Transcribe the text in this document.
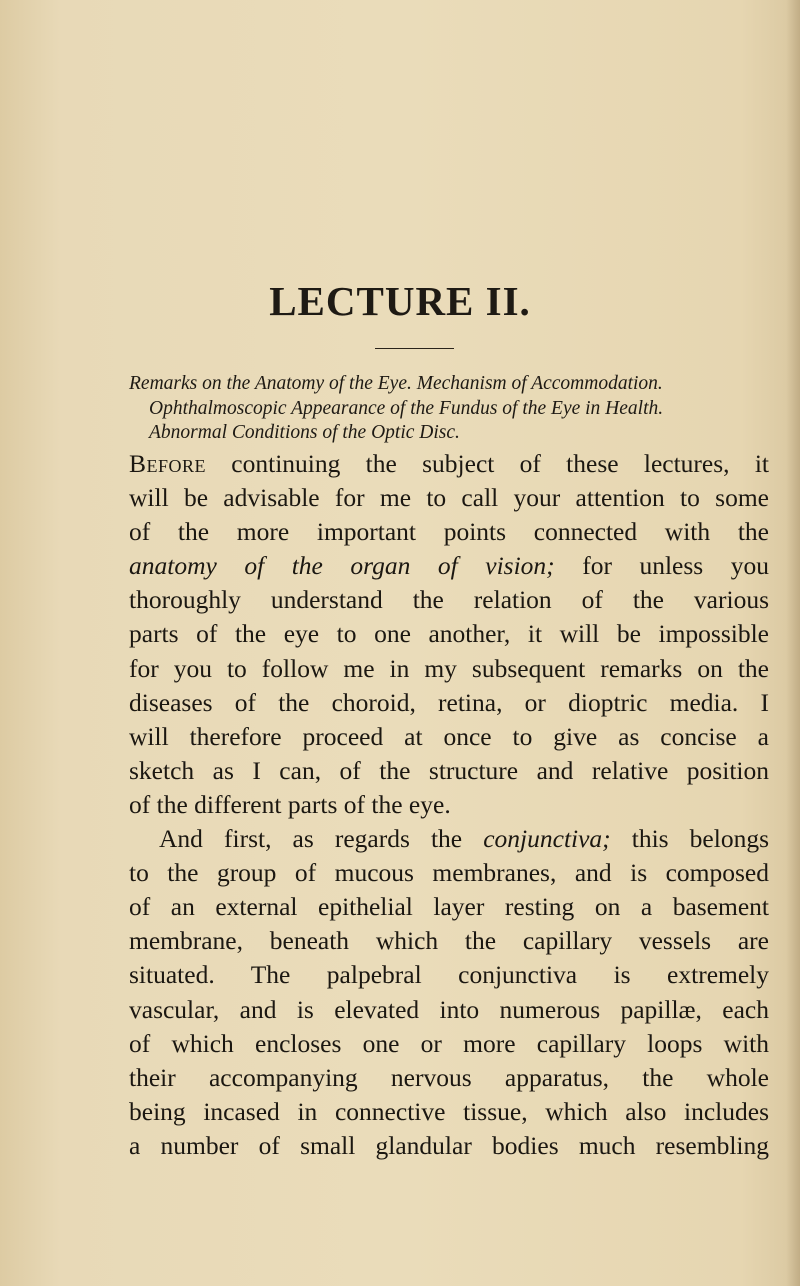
LECTURE II.
Remarks on the Anatomy of the Eye. Mechanism of Accommodation.
Ophthalmoscopic Appearance of the Fundus of the Eye in Health.
Abnormal Conditions of the Optic Disc.
Before continuing the subject of these lectures, it
will be advisable for me to call your attention to some
of the more important points connected with the
anatomy of the organ of vision; for unless you
thoroughly understand the relation of the various
parts of the eye to one another, it will be impossible
for you to follow me in my subsequent remarks on the
diseases of the choroid, retina, or dioptric media. I
will therefore proceed at once to give as concise a
sketch as I can, of the structure and relative position
of the different parts of the eye.
And first, as regards the conjunctiva; this belongs
to the group of mucous membranes, and is composed
of an external epithelial layer resting on a basement
membrane, beneath which the capillary vessels are
situated. The palpebral conjunctiva is extremely
vascular, and is elevated into numerous papillæ, each
of which encloses one or more capillary loops with
their accompanying nervous apparatus, the whole
being incased in connective tissue, which also includes
a number of small glandular bodies much resembling
